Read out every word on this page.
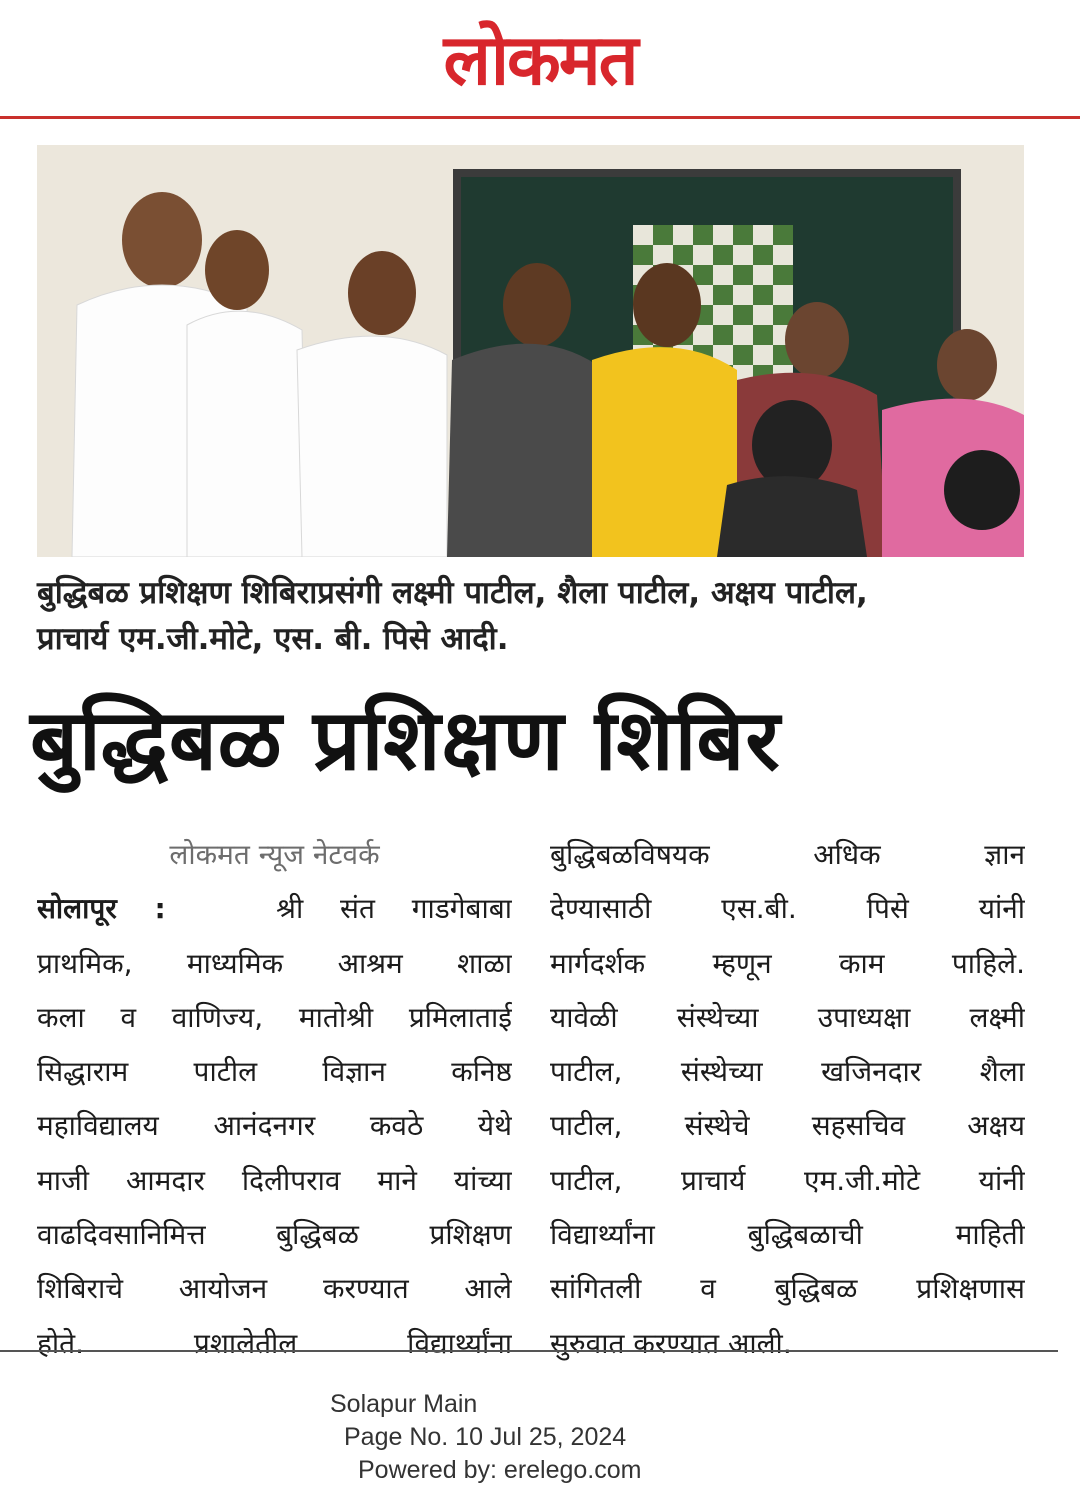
लोकमत
बुद्धिबळ प्रशिक्षण शिबिराप्रसंगी लक्ष्मी पाटील, शैला पाटील, अक्षय पाटील,
प्राचार्य एम.जी.मोटे, एस. बी. पिसे आदी.
बुद्धिबळ प्रशिक्षण शिबिर
लोकमत न्यूज नेटवर्क
सोलापूर :	श्री संत गाडगेबाबा
प्राथमिक, माध्यमिक आश्रम शाळा
कला व वाणिज्य, मातोश्री प्रमिलाताई
सिद्धाराम पाटील विज्ञान कनिष्ठ
महाविद्यालय आनंदनगर कवठे येथे
माजी आमदार दिलीपराव माने यांच्या
वाढदिवसानिमित्त बुद्धिबळ प्रशिक्षण
शिबिराचे आयोजन करण्यात आले
होते. प्रशालेतील विद्यार्थ्यांना
बुद्धिबळविषयक अधिक ज्ञान
देण्यासाठी एस.बी. पिसे यांनी
मार्गदर्शक म्हणून काम पाहिले.
यावेळी संस्थेच्या उपाध्यक्षा लक्ष्मी
पाटील, संस्थेच्या खजिनदार शैला
पाटील, संस्थेचे सहसचिव अक्षय
पाटील, प्राचार्य एम.जी.मोटे यांनी
विद्यार्थ्यांना बुद्धिबळाची माहिती
सांगितली व बुद्धिबळ प्रशिक्षणास
सुरुवात करण्यात आली.
Solapur Main
Page No. 10 Jul 25, 2024
Powered by: erelego.com
